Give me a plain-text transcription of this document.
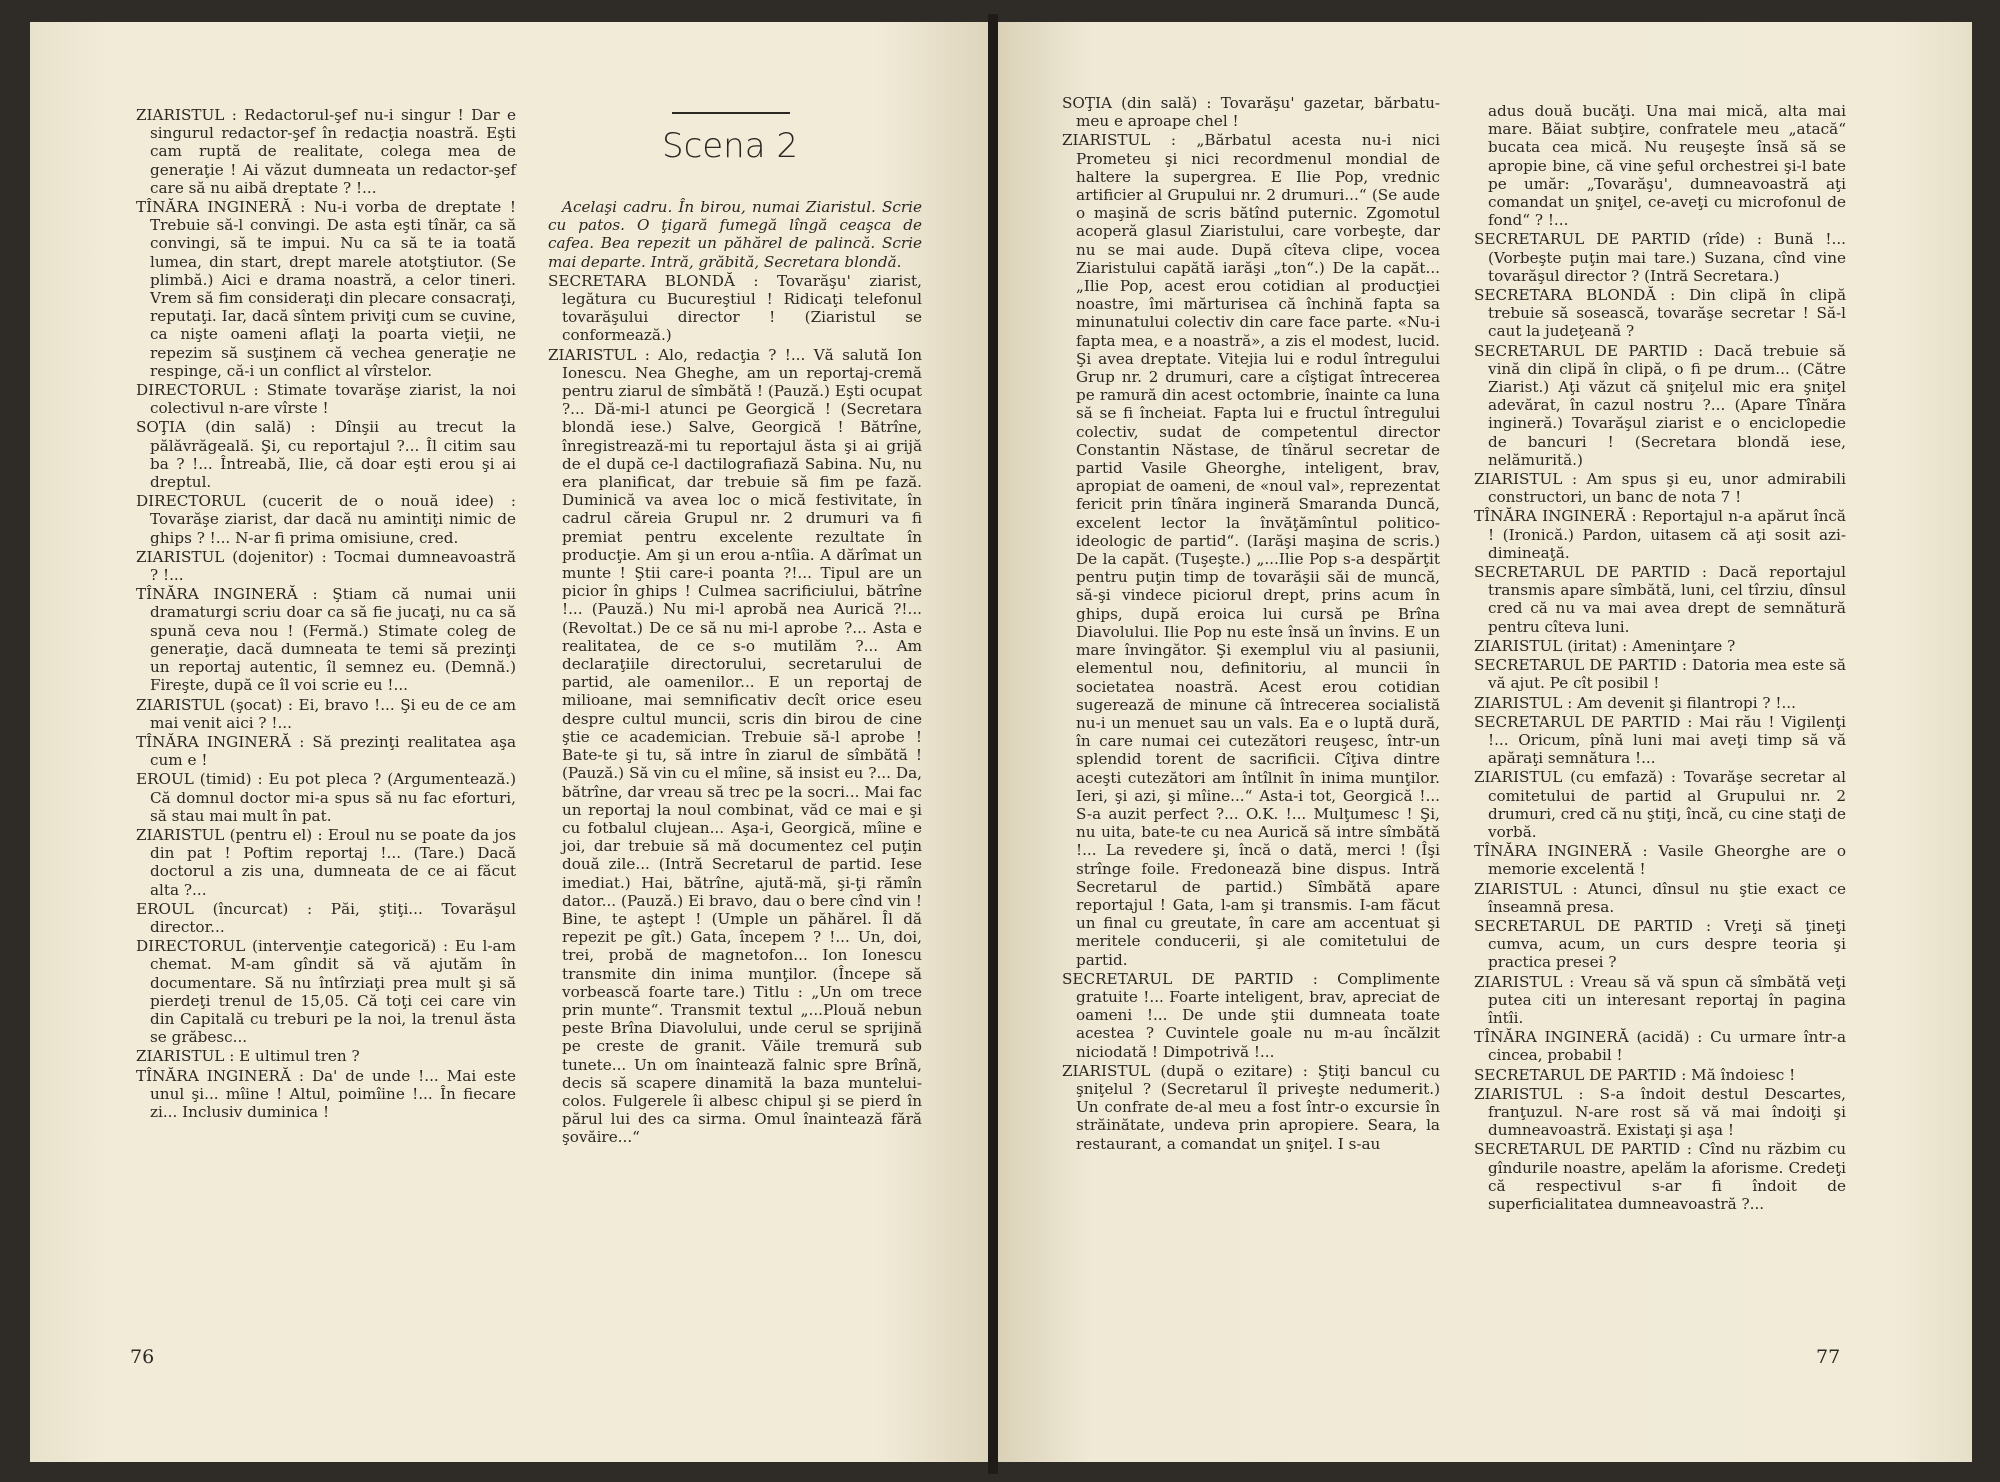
ZIARISTUL : Redactorul-şef nu-i singur ! Dar e singurul redactor-şef în redacţia noastră. Eşti cam ruptă de realitate, colega mea de generaţie ! Ai văzut dumneata un redactor-şef care să nu aibă dreptate ? !...

TÎNĂRA INGINERĂ : Nu-i vorba de dreptate ! Trebuie să-l convingi. De asta eşti tînăr, ca să convingi, să te impui. Nu ca să te ia toată lumea, din start, drept marele atotştiutor. (Se plimbă.) Aici e drama noastră, a celor tineri. Vrem să fim consideraţi din plecare consacraţi, reputaţi. Iar, dacă sîntem priviţi cum se cuvine, ca nişte oameni aflaţi la poarta vieţii, ne repezim să susţinem că vechea generaţie ne respinge, că-i un conflict al vîrstelor.

DIRECTORUL : Stimate tovarăşe ziarist, la noi colectivul n-are vîrste !

SOŢIA (din sală) : Dînşii au trecut la pălăvrăgeală. Şi, cu reportajul ?... Îl citim sau ba ? !... Întreabă, Ilie, că doar eşti erou şi ai dreptul.

DIRECTORUL (cucerit de o nouă idee) : Tovarăşe ziarist, dar dacă nu amintiţi nimic de ghips ? !... N-ar fi prima omisiune, cred.

ZIARISTUL (dojenitor) : Tocmai dumneavoastră ? !...

TÎNĂRA INGINERĂ : Ştiam că numai unii dramaturgi scriu doar ca să fie jucaţi, nu ca să spună ceva nou ! (Fermă.) Stimate coleg de generaţie, dacă dumneata te temi să prezinţi un reportaj autentic, îl semnez eu. (Demnă.) Fireşte, după ce îl voi scrie eu !...

ZIARISTUL (şocat) : Ei, bravo !... Şi eu de ce am mai venit aici ? !...

TÎNĂRA INGINERĂ : Să prezinţi realitatea aşa cum e !

EROUL (timid) : Eu pot pleca ? (Argumentează.) Că domnul doctor mi-a spus să nu fac eforturi, să stau mai mult în pat.

ZIARISTUL (pentru el) : Eroul nu se poate da jos din pat ! Poftim reportaj !... (Tare.) Dacă doctorul a zis una, dumneata de ce ai făcut alta ?...

EROUL (încurcat) : Păi, ştiţi... Tovarăşul director...

DIRECTORUL (intervenţie categorică) : Eu l-am chemat. M-am gîndit să vă ajutăm în documentare. Să nu întîrziaţi prea mult şi să pierdeţi trenul de 15,05. Că toţi cei care vin din Capitală cu treburi pe la noi, la trenul ăsta se grăbesc...

ZIARISTUL : E ultimul tren ?

TÎNĂRA INGINERĂ : Da' de unde !... Mai este unul şi... mîine ! Altul, poimîine !... În fiecare zi... Inclusiv duminica !

Scena 2

Acelaşi cadru. În birou, numai Ziaristul. Scrie cu patos. O ţigară fumegă lîngă ceaşca de cafea. Bea repezit un păhărel de palincă. Scrie mai departe. Intră, grăbită, Secretara blondă.

SECRETARA BLONDĂ : Tovarăşu' ziarist, legătura cu Bucureştiul ! Ridicaţi telefonul tovarăşului director ! (Ziaristul se conformează.)

ZIARISTUL : Alo, redacţia ? !... Vă salută Ion Ionescu. Nea Gheghe, am un reportaj-cremă pentru ziarul de sîmbătă ! (Pauză.) Eşti ocupat ?... Dă-mi-l atunci pe Georgică ! (Secretara blondă iese.) Salve, Georgică ! Bătrîne, înregistrează-mi tu reportajul ăsta şi ai grijă de el după ce-l dactilografiază Sabina. Nu, nu era planificat, dar trebuie să fim pe fază. Duminică va avea loc o mică festivitate, în cadrul căreia Grupul nr. 2 drumuri va fi premiat pentru excelente rezultate în producţie. Am şi un erou a-ntîia. A dărîmat un munte ! Ştii care-i poanta ?!... Tipul are un picior în ghips ! Culmea sacrificiului, bătrîne !... (Pauză.) Nu mi-l aprobă nea Aurică ?!... (Revoltat.) De ce să nu mi-l aprobe ?... Asta e realitatea, de ce s-o mutilăm ?... Am declaraţiile directorului, secretarului de partid, ale oamenilor... E un reportaj de milioane, mai semnificativ decît orice eseu despre cultul muncii, scris din birou de cine ştie ce academician. Trebuie să-l aprobe ! Bate-te şi tu, să intre în ziarul de sîmbătă ! (Pauză.) Să vin cu el mîine, să insist eu ?... Da, bătrîne, dar vreau să trec pe la socri... Mai fac un reportaj la noul combinat, văd ce mai e şi cu fotbalul clujean... Aşa-i, Georgică, mîine e joi, dar trebuie să mă documentez cel puţin două zile... (Intră Secretarul de partid. Iese imediat.) Hai, bătrîne, ajută-mă, şi-ţi rămîn dator... (Pauză.) Ei bravo, dau o bere cînd vin ! Bine, te aştept ! (Umple un păhărel. Îl dă repezit pe gît.) Gata, începem ? !... Un, doi, trei, probă de magnetofon... Ion Ionescu transmite din inima munţilor. (Începe să vorbească foarte tare.) Titlu : „Un om trece prin munte“. Transmit textul „...Plouă nebun peste Brîna Diavolului, unde cerul se sprijină pe creste de granit. Văile tremură sub tunete... Un om înaintează falnic spre Brînă, decis să scapere dinamită la baza muntelui-colos. Fulgerele îi albesc chipul şi se pierd în părul lui des ca sirma. Omul înaintează fără şovăire...“

76

SOŢIA (din sală) : Tovarăşu' gazetar, bărbatu-meu e aproape chel !

ZIARISTUL : „Bărbatul acesta nu-i nici Prometeu şi nici recordmenul mondial de haltere la supergrea. E Ilie Pop, vrednic artificier al Grupului nr. 2 drumuri...“ (Se aude o maşină de scris bătînd puternic. Zgomotul acoperă glasul Ziaristului, care vorbeşte, dar nu se mai aude. După cîteva clipe, vocea Ziaristului capătă iarăşi „ton“.) De la capăt... „Ilie Pop, acest erou cotidian al producţiei noastre, îmi mărturisea că închină fapta sa minunatului colectiv din care face parte. «Nu-i fapta mea, e a noastră», a zis el modest, lucid. Şi avea dreptate. Vitejia lui e rodul întregului Grup nr. 2 drumuri, care a cîştigat întrecerea pe ramură din acest octombrie, înainte ca luna să se fi încheiat. Fapta lui e fructul întregului colectiv, sudat de competentul director Constantin Năstase, de tînărul secretar de partid Vasile Gheorghe, inteligent, brav, apropiat de oameni, de «noul val», reprezentat fericit prin tînăra ingineră Smaranda Duncă, excelent lector la învăţămîntul politico-ideologic de partid“. (Iarăşi maşina de scris.) De la capăt. (Tuşeşte.) „...Ilie Pop s-a despărţit pentru puţin timp de tovarăşii săi de muncă, să-şi vindece piciorul drept, prins acum în ghips, după eroica lui cursă pe Brîna Diavolului. Ilie Pop nu este însă un învins. E un mare învingător. Şi exemplul viu al pasiunii, elementul nou, definitoriu, al muncii în societatea noastră. Acest erou cotidian sugerează de minune că întrecerea socialistă nu-i un menuet sau un vals. Ea e o luptă dură, în care numai cei cutezători reuşesc, într-un splendid torent de sacrificii. Cîţiva dintre aceşti cutezători am întîlnit în inima munţilor. Ieri, şi azi, şi mîine...“ Asta-i tot, Georgică !... S-a auzit perfect ?... O.K. !... Mulţumesc ! Şi, nu uita, bate-te cu nea Aurică să intre sîmbătă !... La revedere şi, încă o dată, merci ! (Îşi strînge foile. Fredonează bine dispus. Intră Secretarul de partid.) Sîmbătă apare reportajul ! Gata, l-am şi transmis. I-am făcut un final cu greutate, în care am accentuat şi meritele conducerii, şi ale comitetului de partid.

SECRETARUL DE PARTID : Complimente gratuite !... Foarte inteligent, brav, apreciat de oameni !... De unde ştii dumneata toate acestea ? Cuvintele goale nu m-au încălzit niciodată ! Dimpotrivă !...

ZIARISTUL (după o ezitare) : Ştiţi bancul cu şniţelul ? (Secretarul îl priveşte nedumerit.) Un confrate de-al meu a fost într-o excursie în străinătate, undeva prin apropiere. Seara, la restaurant, a comandat un şniţel. I s-au

adus două bucăţi. Una mai mică, alta mai mare. Băiat subţire, confratele meu „atacă“ bucata cea mică. Nu reuşeşte însă să se apropie bine, că vine şeful orchestrei şi-l bate pe umăr: „Tovarăşu', dumneavoastră aţi comandat un şniţel, ce-aveţi cu microfonul de fond“ ? !...

SECRETARUL DE PARTID (rîde) : Bună !... (Vorbeşte puţin mai tare.) Suzana, cînd vine tovarăşul director ? (Intră Secretara.)

SECRETARA BLONDĂ : Din clipă în clipă trebuie să sosească, tovarăşe secretar ! Să-l caut la judeţeană ?

SECRETARUL DE PARTID : Dacă trebuie să vină din clipă în clipă, o fi pe drum... (Către Ziarist.) Aţi văzut că şniţelul mic era şniţel adevărat, în cazul nostru ?... (Apare Tînăra ingineră.) Tovarăşul ziarist e o enciclopedie de bancuri ! (Secretara blondă iese, nelămurită.)

ZIARISTUL : Am spus şi eu, unor admirabili constructori, un banc de nota 7 !

TÎNĂRA INGINERĂ : Reportajul n-a apărut încă ! (Ironică.) Pardon, uitasem că aţi sosit azi-dimineaţă.

SECRETARUL DE PARTID : Dacă reportajul transmis apare sîmbătă, luni, cel tîrziu, dînsul cred că nu va mai avea drept de semnătură pentru cîteva luni.

ZIARISTUL (iritat) : Ameninţare ?

SECRETARUL DE PARTID : Datoria mea este să vă ajut. Pe cît posibil !

ZIARISTUL : Am devenit şi filantropi ? !...

SECRETARUL DE PARTID : Mai rău ! Vigilenţi !... Oricum, pînă luni mai aveţi timp să vă apăraţi semnătura !...

ZIARISTUL (cu emfază) : Tovarăşe secretar al comitetului de partid al Grupului nr. 2 drumuri, cred că nu ştiţi, încă, cu cine staţi de vorbă.

TÎNĂRA INGINERĂ : Vasile Gheorghe are o memorie excelentă !

ZIARISTUL : Atunci, dînsul nu ştie exact ce înseamnă presa.

SECRETARUL DE PARTID : Vreţi să ţineţi cumva, acum, un curs despre teoria şi practica presei ?

ZIARISTUL : Vreau să vă spun că sîmbătă veţi putea citi un interesant reportaj în pagina întîi.

TÎNĂRA INGINERĂ (acidă) : Cu urmare într-a cincea, probabil !

SECRETARUL DE PARTID : Mă îndoiesc !

ZIARISTUL : S-a îndoit destul Descartes, franţuzul. N-are rost să vă mai îndoiţi şi dumneavoastră. Existaţi şi aşa !

SECRETARUL DE PARTID : Cînd nu răzbim cu gîndurile noastre, apelăm la aforisme. Credeţi că respectivul s-ar fi îndoit de superficialitatea dumneavoastră ?...

77
